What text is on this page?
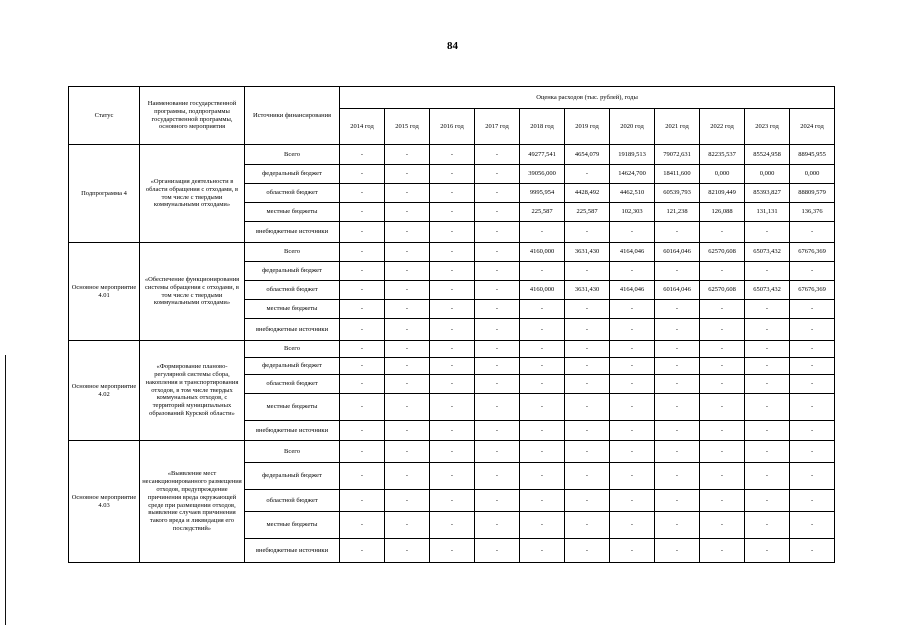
84
Статус	Наименование государственной программы, подпрограммы государственной программы, основного мероприятия	Источники финансирования	Оценка расходов (тыс. рублей), годы										
			2014 год	2015 год	2016 год	2017 год	2018 год	2019 год	2020 год	2021 год	2022 год	2023 год	2024 год
Подпрограмма 4	«Организация деятельности в области обращения с отходами, в том числе с твердыми коммунальными отходами»	Всего	-	-	-	-	49277,541	4654,079	19189,513	79072,631	82235,537	85524,958	88945,955
		федеральный бюджет	-	-	-	-	39056,000	-	14624,700	18411,600	0,000	0,000	0,000
		областной бюджет	-	-	-	-	9995,954	4428,492	4462,510	60539,793	82109,449	85393,827	88809,579
		местные бюджеты	-	-	-	-	225,587	225,587	102,303	121,238	126,088	131,131	136,376
		внебюджетные источники	-	-	-	-	-	-	-	-	-	-	-
Основное мероприятие 4.01	«Обеспечение функционирования системы обращения с отходами, в том числе с твердыми коммунальными отходами»	Всего	-	-	-	-	4160,000	3631,430	4164,046	60164,046	62570,608	65073,432	67676,369
		федеральный бюджет	-	-	-	-	-	-	-	-	-	-	-
		областной бюджет	-	-	-	-	4160,000	3631,430	4164,046	60164,046	62570,608	65073,432	67676,369
		местные бюджеты	-	-	-	-	-	-	-	-	-	-	-
		внебюджетные источники	-	-	-	-	-	-	-	-	-	-	-
Основное мероприятие 4.02	«Формирование планово-регулярной системы сбора, накопления и транспортирования отходов, в том числе твердых коммунальных отходов, с территорий муниципальных образований Курской области»	Всего	-	-	-	-	-	-	-	-	-	-	-
		федеральный бюджет	-	-	-	-	-	-	-	-	-	-	-
		областной бюджет	-	-	-	-	-	-	-	-	-	-	-
		местные бюджеты	-	-	-	-	-	-	-	-	-	-	-
		внебюджетные источники	-	-	-	-	-	-	-	-	-	-	-
Основное мероприятие 4.03	«Выявление мест несанкционированного размещения отходов, предупреждение причинения вреда окружающей среде при размещении отходов, выявление случаев причинения такого вреда и ликвидация его последствий»	Всего	-	-	-	-	-	-	-	-	-	-	-
		федеральный бюджет	-	-	-	-	-	-	-	-	-	-	-
		областной бюджет	-	-	-	-	-	-	-	-	-	-	-
		местные бюджеты	-	-	-	-	-	-	-	-	-	-	-
		внебюджетные источники	-	-	-	-	-	-	-	-	-	-	-
